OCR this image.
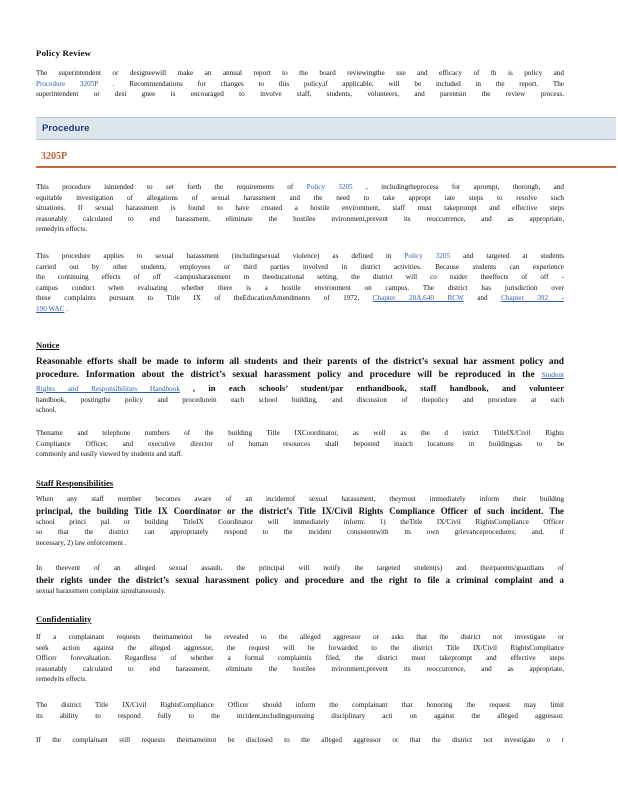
Policy Review
The superintendent or designeewill make an annual report to the board reviewingthe use and efficacy of th is policy and
Procedure 3205P . Recommendations for changes to this policy,if applicable, will be included in the report. The
superintendent or desi gnee is encouraged to involve staff, students, volunteers, and parentsin the review process.
Procedure
3205P
This procedure isintended to set forth the requirements of Policy 3205 , includingtheprocess for aprompt, thorough, and
equitable investigation of allegations of sexual harassment and the need to take appropr iate steps to resolve such
situations. If sexual harassment is found to have created a hostile environment, staff must takeprompt and effective steps
reasonably calculated to end harassment, eliminate the hostilee nvironment,prevent its reoccurrence, and as appropriate,
remedyits effects.
This procedure applies to sexual harassment (includingsexual violence) as defined in Policy 3205 and targeted at students
carried out by other students, employees or third parties involved in district activities. Because students can experience
the continuing effects of off -campusharassment in theeducational setting, the district will co nsider theeffects of off -
campus conduct when evaluating whether there is a hostile environment on campus. The district has jurisdiction over
these complaints pursuant to Title IX of theEducationAmendments of 1972, Chapter 28A.640 RCW and Chapter 392 -
190 WAC .
Notice
Reasonable efforts shall be made to inform all students and their parents of the district’s sexual har assment policy and
procedure. Information about the district’s sexual harassment policy and procedure will be reproduced in the Student
Rights and Responsibilities Handbook , in each schools’ student/par enthandbook, staff handbook, and volunteer
handbook, postingthe policy and procedurein each school building, and discussion of thepolicy and procedure at each
school.
Thename and telephone numbers of the building Title IXCoordinator, as well as the d istrict TitleIX/Civil Rights
Compliance Officer, and executive director of human resources shall beposted insuch locations in buildingsas to be
commonly and easily viewed by students and staff.
Staff Responsibilities
When any staff member becomes aware of an incidentof sexual harassment, theymust immediately inform their building
principal, the building Title IX Coordinator or the district’s Title IX/Civil Rights Compliance Officer of such incident. The
school princi pal or building TitleIX Coordinator will immediately inform: 1) theTitle IX/Civil RightsCompliance Officer
so that the district can appropriately respond to the incident consistentwith its own grievanceprocedures; and, if
necessary, 2) law enforcement .
In theevent of an alleged sexual assault, the principal will notify the targeted student(s) and theirparents/guardians of
their rights under the district’s sexual harassment policy and procedure and the right to file a criminal complaint and a
sexual harassment complaint simultaneously.
Confidentiality
If a complainant requests theirnameinot be revealed to the alleged aggressor or asks that the district not investigate or
seek action against the alleged aggressor, the request will be forwarded to the district Title IX/Civil RightsCompliance
Officer forevaluation. Regardless of whether a formal complaintis filed, the district must takeprompt and effective steps
reasonably calculated to end harassment, eliminate the hostilee nvironment,prevent its reoccurrence, and as appropriate,
remedyits effects.
The district Title IX/Civil RightsCompliance Officer should inform the complainant that honoring the request may limit
its ability to respond fully to the incident,includingpursuing disciplinary acti on against the alleged aggressor.
If the complainant still requests theirnameinot be disclosed to the alleged aggressor or that the district not investigate o r
